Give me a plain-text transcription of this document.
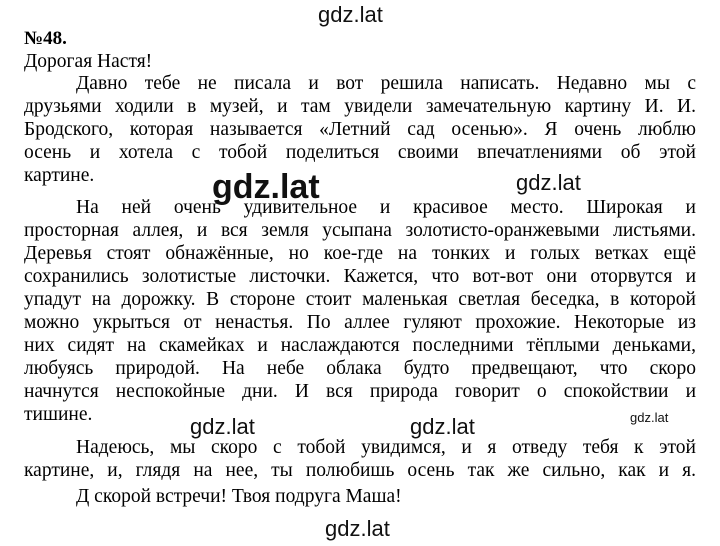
gdz.lat
№48.
Дорогая Настя!
Давно тебе не писала и вот решила написать. Недавно мы с
друзьями ходили в музей, и там увидели замечательную картину И. И.
Бродского, которая называется «Летний сад осенью». Я очень люблю
осень и хотела с тобой поделиться своими впечатлениями об этой
картине.
На ней очень удивительное и красивое место. Широкая и
просторная аллея, и вся земля усыпана золотисто-оранжевыми листьями.
Деревья стоят обнажённые, но кое-где на тонких и голых ветках ещё
сохранились золотистые листочки. Кажется, что вот-вот они оторвутся и
упадут на дорожку. В стороне стоит маленькая светлая беседка, в которой
можно укрыться от ненастья. По аллее гуляют прохожие. Некоторые из
них сидят на скамейках и наслаждаются последними тёплыми деньками,
любуясь природой. На небе облака будто предвещают, что скоро
начнутся неспокойные дни. И вся природа говорит о спокойствии и
тишине.
Надеюсь, мы скоро с тобой увидимся, и я отведу тебя к этой
картине, и, глядя на нее, ты полюбишь осень так же сильно, как и я.
Д скорой встречи! Твоя подруга Маша!
gdz.lat	gdz.lat
gdz.lat	gdz.lat	gdz.lat
gdz.lat
